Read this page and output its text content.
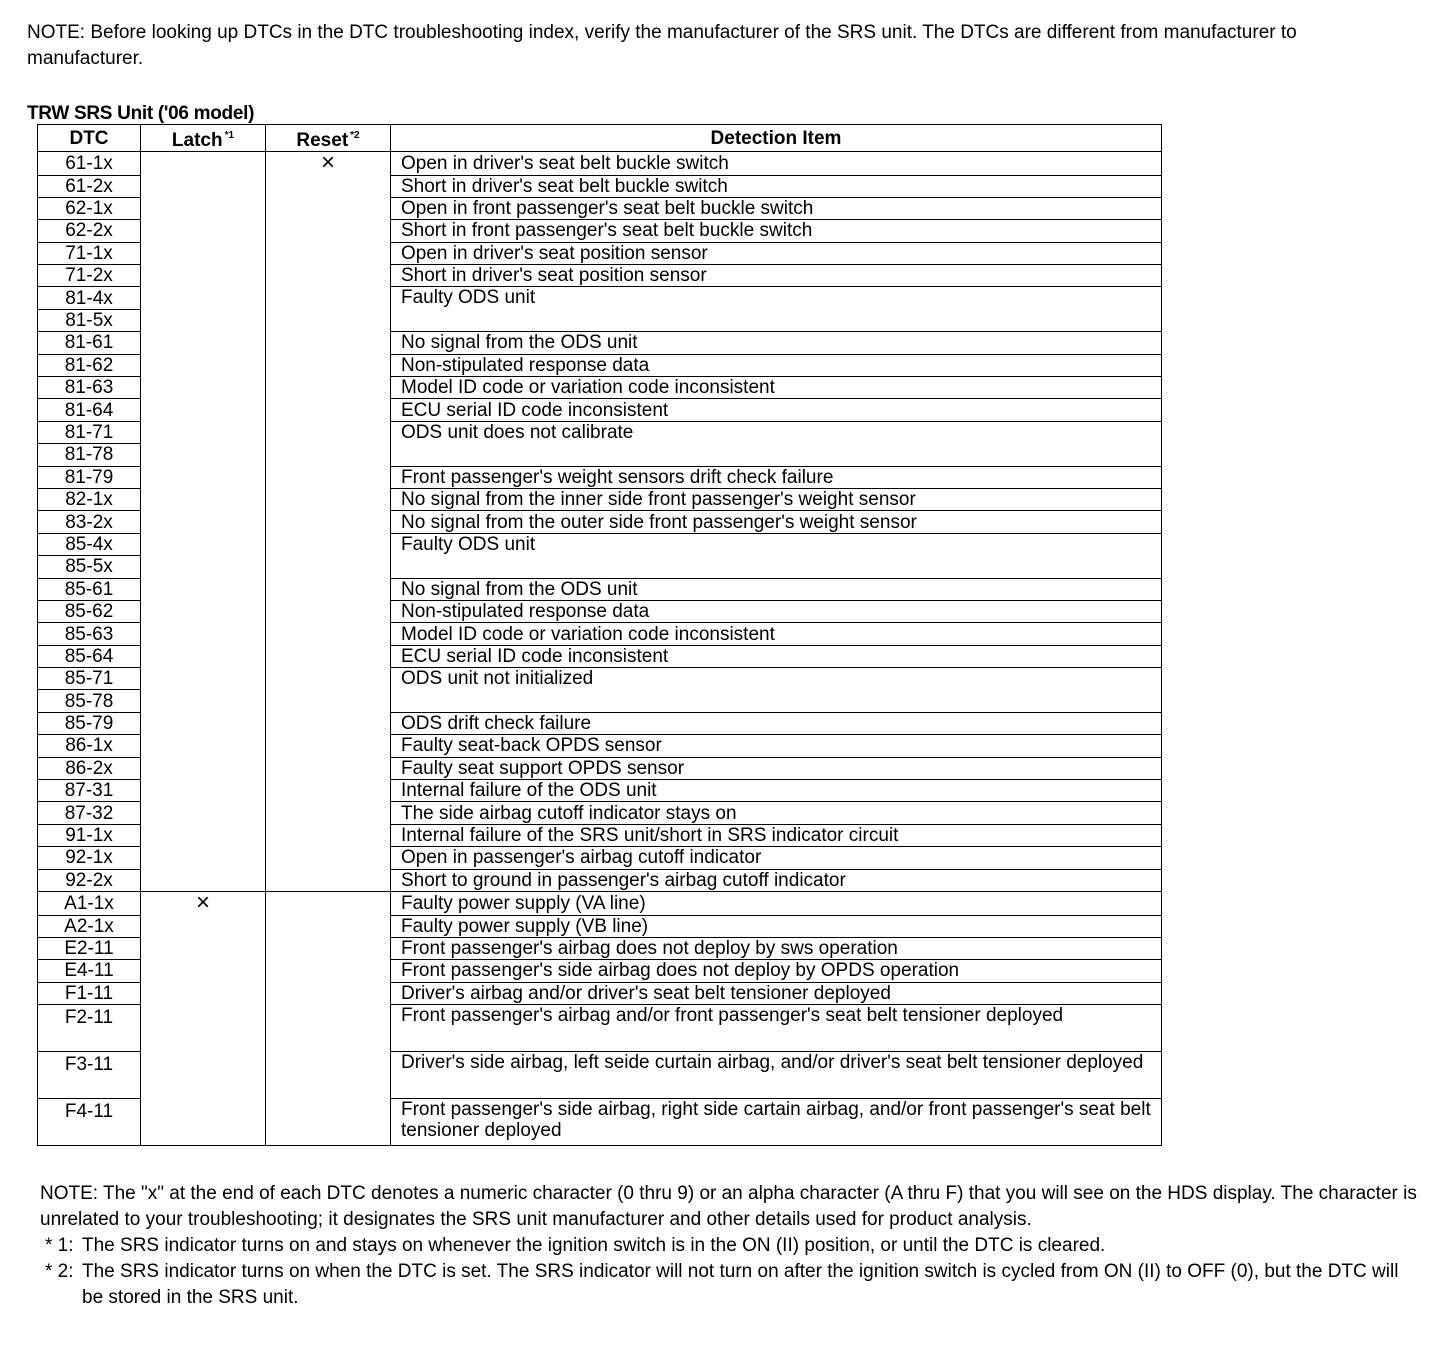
NOTE: Before looking up DTCs in the DTC troubleshooting index, verify the manufacturer of the SRS unit. The DTCs are different from manufacturer to manufacturer.
TRW SRS Unit ('06 model)
DTC	Latch $^{*1}$	Reset $^{*2}$	Detection Item
61-1x		×	Open in driver's seat belt buckle switch
61-2x			Short in driver's seat belt buckle switch
62-1x			Open in front passenger's seat belt buckle switch
62-2x			Short in front passenger's seat belt buckle switch
71-1x			Open in driver's seat position sensor
71-2x			Short in driver's seat position sensor
81-4x			Faulty ODS unit
81-5x			
81-61			No signal from the ODS unit
81-62			Non-stipulated response data
81-63			Model ID code or variation code inconsistent
81-64			ECU serial ID code inconsistent
81-71			ODS unit does not calibrate
81-78			
81-79			Front passenger's weight sensors drift check failure
82-1x			No signal from the inner side front passenger's weight sensor
83-2x			No signal from the outer side front passenger's weight sensor
85-4x			Faulty ODS unit
85-5x			
85-61			No signal from the ODS unit
85-62			Non-stipulated response data
85-63			Model ID code or variation code inconsistent
85-64			ECU serial ID code inconsistent
85-71			ODS unit not initialized
85-78			
85-79			ODS drift check failure
86-1x			Faulty seat-back OPDS sensor
86-2x			Faulty seat support OPDS sensor
87-31			Internal failure of the ODS unit
87-32			The side airbag cutoff indicator stays on
91-1x			Internal failure of the SRS unit/short in SRS indicator circuit
92-1x			Open in passenger's airbag cutoff indicator
92-2x			Short to ground in passenger's airbag cutoff indicator
A1-1x	×		Faulty power supply (VA line)
A2-1x			Faulty power supply (VB line)
E2-11			Front passenger's airbag does not deploy by sws operation
E4-11			Front passenger's side airbag does not deploy by OPDS operation
F1-11			Driver's airbag and/or driver's seat belt tensioner deployed
F2-11			Front passenger's airbag and/or front passenger's seat belt tensioner deployed
F3-11			Driver's side airbag, left seide curtain airbag, and/or driver's seat belt tensioner deployed
F4-11			Front passenger's side airbag, right side cartain airbag, and/or front passenger's seat belt tensioner deployed
NOTE: The "x" at the end of each DTC denotes a numeric character (0 thru 9) or an alpha character (A thru F) that you will see on the HDS display. The character is unrelated to your troubleshooting; it designates the SRS unit manufacturer and other details used for product analysis.
* 1: The SRS indicator turns on and stays on whenever the ignition switch is in the ON (II) position, or until the DTC is cleared.
* 2: The SRS indicator turns on when the DTC is set. The SRS indicator will not turn on after the ignition switch is cycled from ON (II) to OFF (0), but the DTC will be stored in the SRS unit.
